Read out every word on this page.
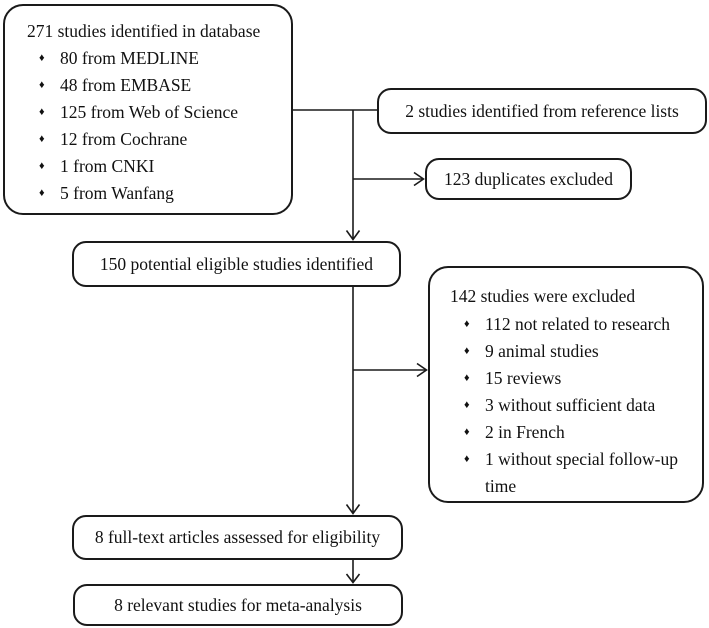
271 studies identified in database
♦ 80 from MEDLINE
♦ 48 from EMBASE
♦ 125 from Web of Science
♦ 12 from Cochrane
♦ 1 from CNKI
♦ 5 from Wanfang
2 studies identified from reference lists
123 duplicates excluded
150 potential eligible studies identified
142 studies were excluded
♦ 112 not related to research
♦ 9 animal studies
♦ 15 reviews
♦ 3 without sufficient data
♦ 2 in French
♦ 1 without special follow-up time
8 full-text articles assessed for eligibility
8 relevant studies for meta-analysis
